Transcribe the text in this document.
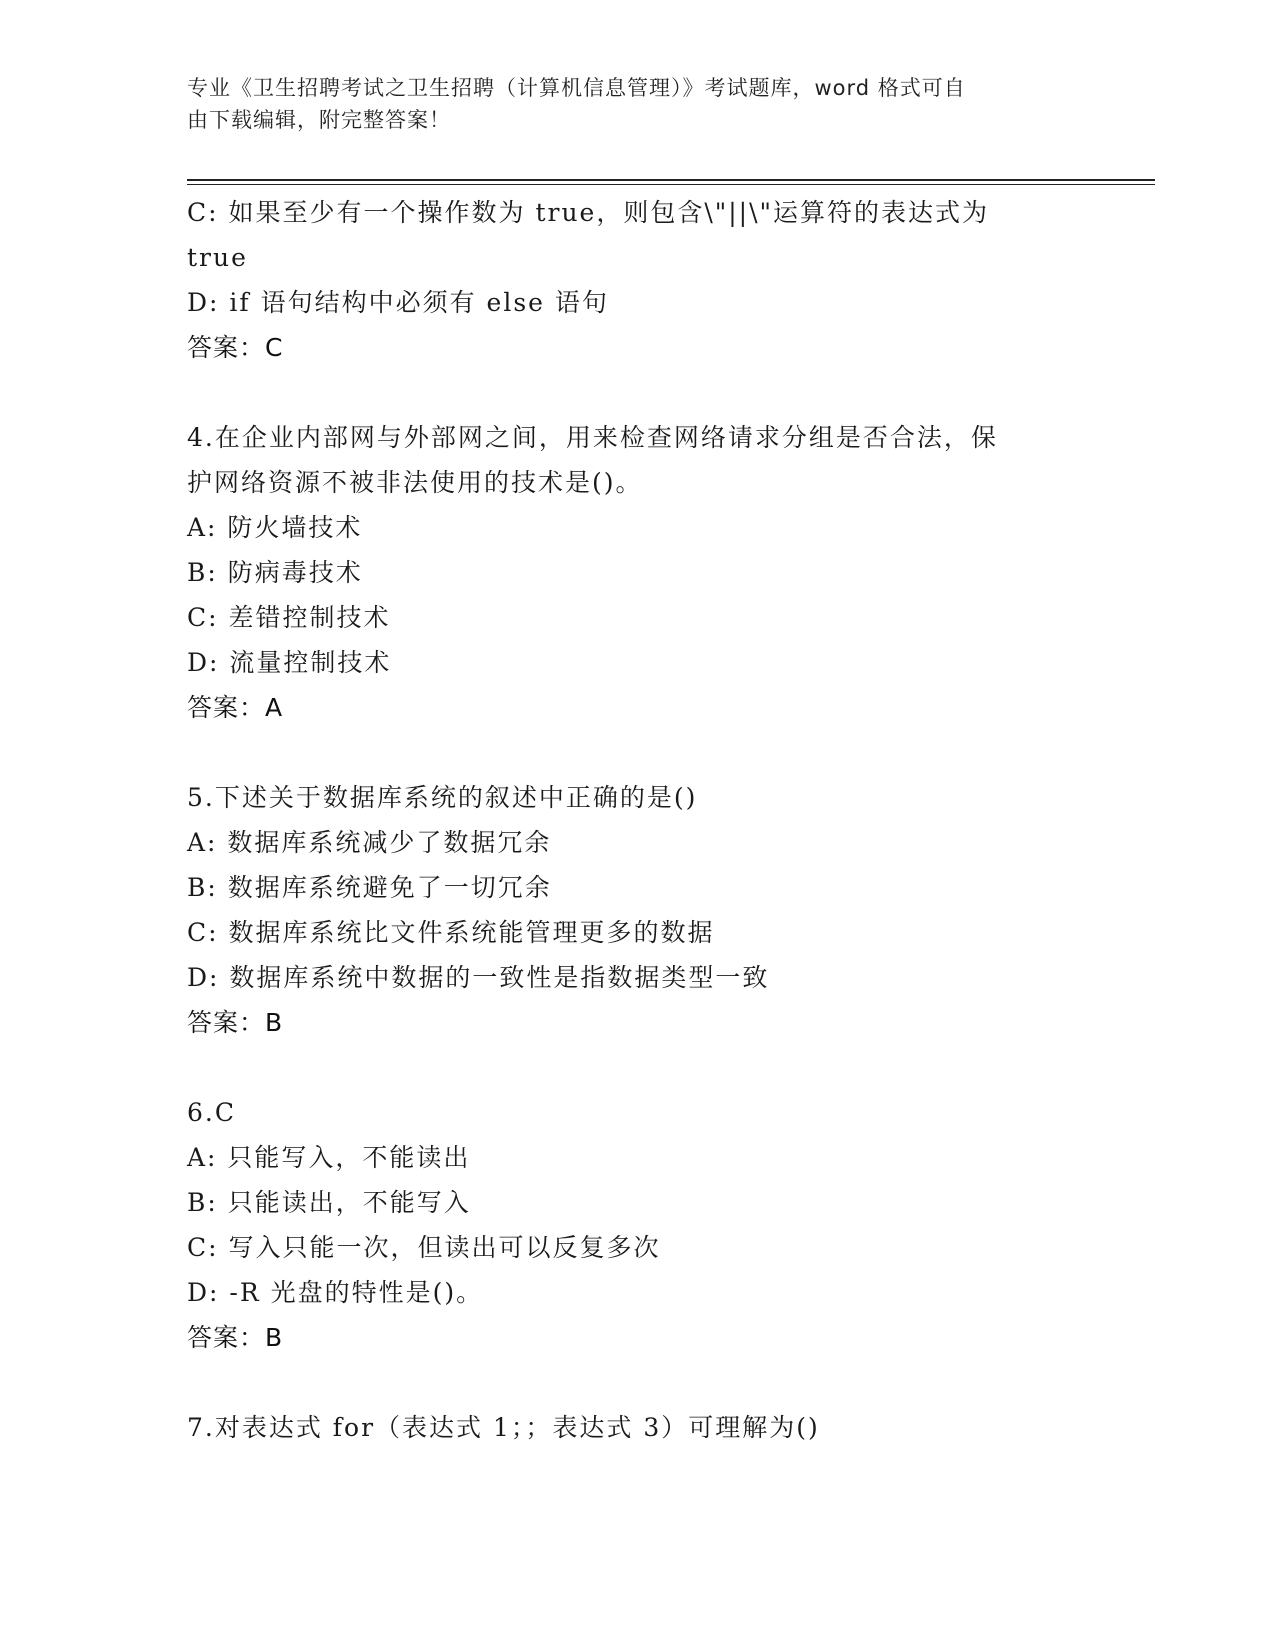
专业《卫生招聘考试之卫生招聘（计算机信息管理）》考试题库，word 格式可自
由下载编辑，附完整答案！
C: 如果至少有一个操作数为 true，则包含\"||\"运算符的表达式为
true
D: if 语句结构中必须有 else 语句
答案：C
4.在企业内部网与外部网之间，用来检查网络请求分组是否合法，保
护网络资源不被非法使用的技术是()。
A: 防火墙技术
B: 防病毒技术
C: 差错控制技术
D: 流量控制技术
答案：A
5.下述关于数据库系统的叙述中正确的是()
A: 数据库系统减少了数据冗余
B: 数据库系统避免了一切冗余
C: 数据库系统比文件系统能管理更多的数据
D: 数据库系统中数据的一致性是指数据类型一致
答案：B
6.C
A: 只能写入，不能读出
B: 只能读出，不能写入
C: 写入只能一次，但读出可以反复多次
D: -R 光盘的特性是()。
答案：B
7.对表达式 for（表达式 1；；表达式 3）可理解为()
